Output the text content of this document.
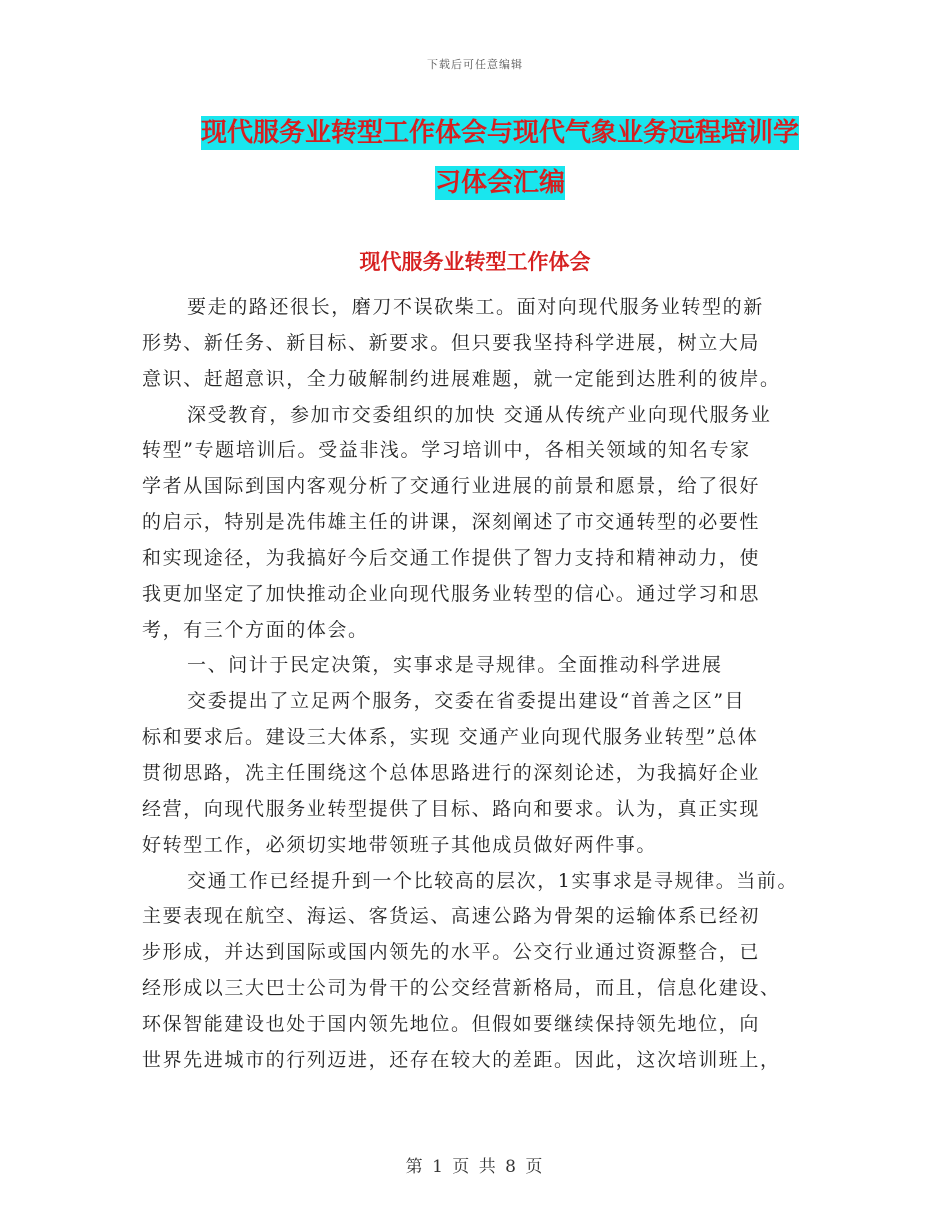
下载后可任意编辑
现代服务业转型工作体会与现代气象业务远程培训学
习体会汇编
现代服务业转型工作体会
要走的路还很长，磨刀不误砍柴工。面对向现代服务业转型的新
形势、新任务、新目标、新要求。但只要我坚持科学进展，树立大局
意识、赶超意识，全力破解制约进展难题，就一定能到达胜利的彼岸。
深受教育，参加市交委组织的加快 交通从传统产业向现代服务业
转型”专题培训后。受益非浅。学习培训中，各相关领域的知名专家
学者从国际到国内客观分析了交通行业进展的前景和愿景，给了很好
的启示，特别是冼伟雄主任的讲课，深刻阐述了市交通转型的必要性
和实现途径，为我搞好今后交通工作提供了智力支持和精神动力，使
我更加坚定了加快推动企业向现代服务业转型的信心。通过学习和思
考，有三个方面的体会。
一、问计于民定决策，实事求是寻规律。全面推动科学进展
交委提出了立足两个服务，交委在省委提出建设“首善之区”目
标和要求后。建设三大体系，实现 交通产业向现代服务业转型”总体
贯彻思路，冼主任围绕这个总体思路进行的深刻论述，为我搞好企业
经营，向现代服务业转型提供了目标、路向和要求。认为，真正实现
好转型工作，必须切实地带领班子其他成员做好两件事。
交通工作已经提升到一个比较高的层次，1实事求是寻规律。当前。
主要表现在航空、海运、客货运、高速公路为骨架的运输体系已经初
步形成，并达到国际或国内领先的水平。公交行业通过资源整合，已
经形成以三大巴士公司为骨干的公交经营新格局，而且，信息化建设、
环保智能建设也处于国内领先地位。但假如要继续保持领先地位，向
世界先进城市的行列迈进，还存在较大的差距。因此，这次培训班上，
第 1 页 共 8 页
